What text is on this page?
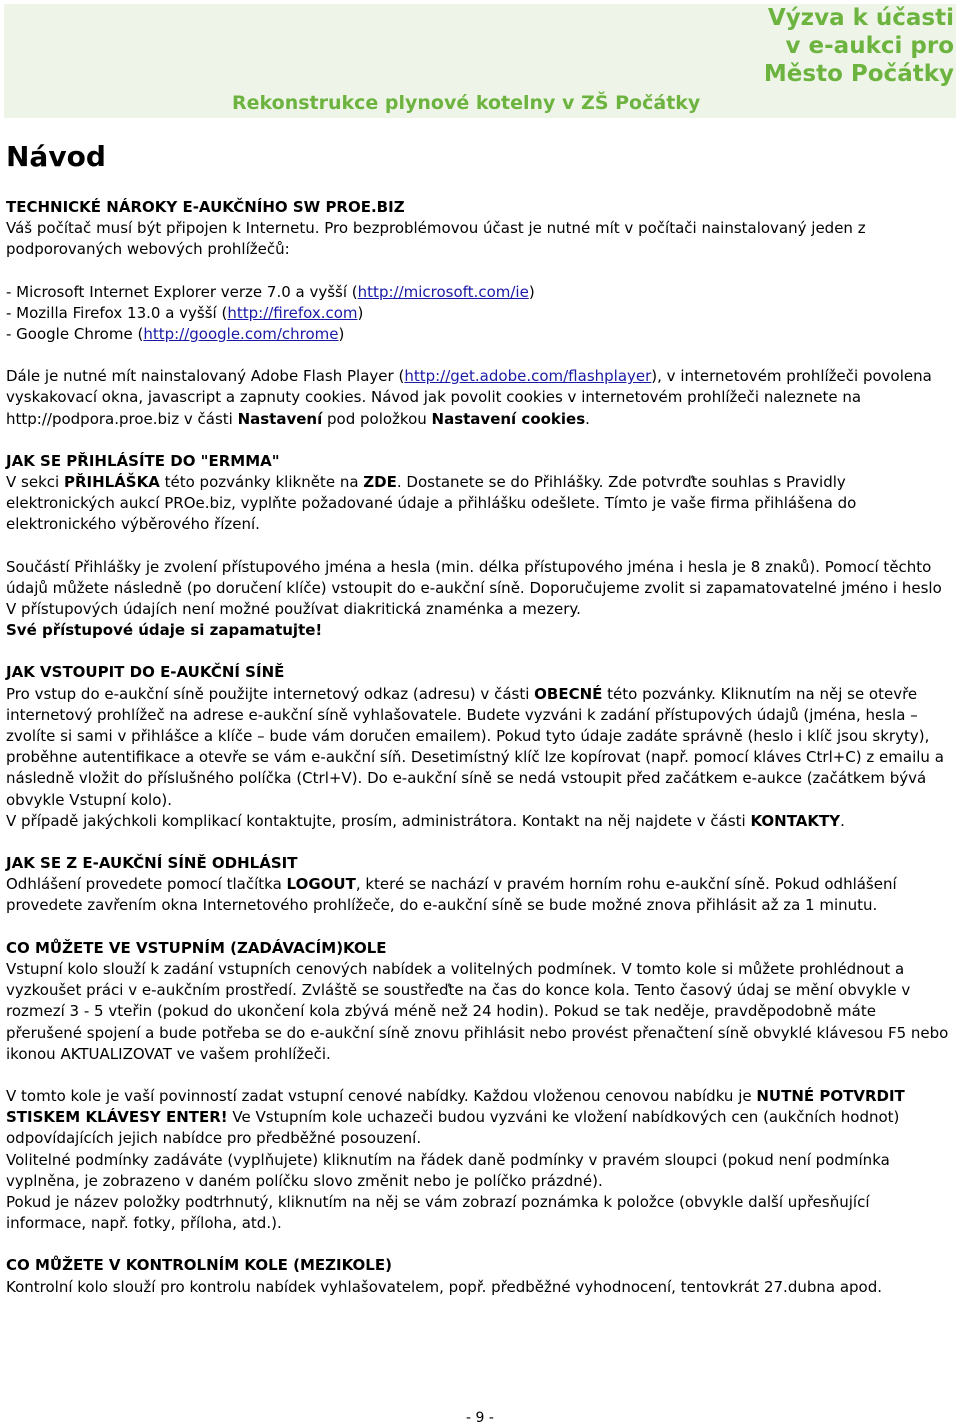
Rekonstrukce plynové kotelny v ZŠ Počátky
Výzva k účasti
v e-aukci pro
Město Počátky
Návod

TECHNICKÉ NÁROKY E-AUKČNÍHO SW PROE.BIZ

Váš počítač musí být připojen k Internetu. Pro bezproblémovou účast je nutné mít v počítači nainstalovaný jeden z podporovaných webových prohlížečů:

- Microsoft Internet Explorer verze 7.0 a vyšší (http://microsoft.com/ie)

- Mozilla Firefox 13.0 a vyšší (http://firefox.com)

- Google Chrome (http://google.com/chrome)

Dále je nutné mít nainstalovaný Adobe Flash Player (http://get.adobe.com/flashplayer), v internetovém prohlížeči povolena vyskakovací okna, javascript a zapnuty cookies. Návod jak povolit cookies v internetovém prohlížeči naleznete na http://podpora.proe.biz v části Nastavení pod položkou Nastavení cookies.

JAK SE PŘIHLÁSÍTE DO "ERMMA"

V sekci PŘIHLÁŠKA této pozvánky klikněte na ZDE. Dostanete se do Přihlášky. Zde potvrďte souhlas s Pravidly elektronických aukcí PROe.biz, vyplňte požadované údaje a přihlášku odešlete. Tímto je vaše firma přihlášena do elektronického výběrového řízení.

Součástí Přihlášky je zvolení přístupového jména a hesla (min. délka přístupového jména i hesla je 8 znaků). Pomocí těchto údajů můžete následně (po doručení klíče) vstoupit do e-aukční síně. Doporučujeme zvolit si zapamatovatelné jméno i heslo V přístupových údajích není možné používat diakritická znaménka a mezery.

Své přístupové údaje si zapamatujte!

JAK VSTOUPIT DO E-AUKČNÍ SÍNĚ

Pro vstup do e-aukční síně použijte internetový odkaz (adresu) v části OBECNÉ této pozvánky. Kliknutím na něj se otevře internetový prohlížeč na adrese e-aukční síně vyhlašovatele. Budete vyzváni k zadání přístupových údajů (jména, hesla – zvolíte si sami v přihlášce a klíče – bude vám doručen emailem). Pokud tyto údaje zadáte správně (heslo i klíč jsou skryty), proběhne autentifikace a otevře se vám e-aukční síň. Desetimístný klíč lze kopírovat (např. pomocí kláves Ctrl+C) z emailu a následně vložit do příslušného políčka (Ctrl+V). Do e-aukční síně se nedá vstoupit před začátkem e-aukce (začátkem bývá obvykle Vstupní kolo).

V případě jakýchkoli komplikací kontaktujte, prosím, administrátora. Kontakt na něj najdete v části KONTAKTY.

JAK SE Z E-AUKČNÍ SÍNĚ ODHLÁSIT

Odhlášení provedete pomocí tlačítka LOGOUT, které se nachází v pravém horním rohu e-aukční síně. Pokud odhlášení provedete zavřením okna Internetového prohlížeče, do e-aukční síně se bude možné znova přihlásit až za 1 minutu.

CO MŮŽETE VE VSTUPNÍM (ZADÁVACÍM)KOLE

Vstupní kolo slouží k zadání vstupních cenových nabídek a volitelných podmínek. V tomto kole si můžete prohlédnout a vyzkoušet práci v e-aukčním prostředí. Zvláště se soustřeďte na čas do konce kola. Tento časový údaj se mění obvykle v rozmezí 3 - 5 vteřin (pokud do ukončení kola zbývá méně než 24 hodin). Pokud se tak neděje, pravděpodobně máte přerušené spojení a bude potřeba se do e-aukční síně znovu přihlásit nebo provést přenačtení síně obvyklé klávesou F5 nebo ikonou AKTUALIZOVAT ve vašem prohlížeči.

V tomto kole je vaší povinností zadat vstupní cenové nabídky. Každou vloženou cenovou nabídku je NUTNÉ POTVRDIT STISKEM KLÁVESY ENTER! Ve Vstupním kole uchazeči budou vyzváni ke vložení nabídkových cen (aukčních hodnot) odpovídajících jejich nabídce pro předběžné posouzení.

Volitelné podmínky zadáváte (vyplňujete) kliknutím na řádek daně podmínky v pravém sloupci (pokud není podmínka vyplněna, je zobrazeno v daném políčku slovo změnit nebo je políčko prázdné).

Pokud je název položky podtrhnutý, kliknutím na něj se vám zobrazí poznámka k položce (obvykle další upřesňující informace, např. fotky, příloha, atd.).

CO MŮŽETE V KONTROLNÍM KOLE (MEZIKOLE)

Kontrolní kolo slouží pro kontrolu nabídek vyhlašovatelem, popř. předběžné vyhodnocení, tentovkrát 27.dubna apod.

- 9 -
